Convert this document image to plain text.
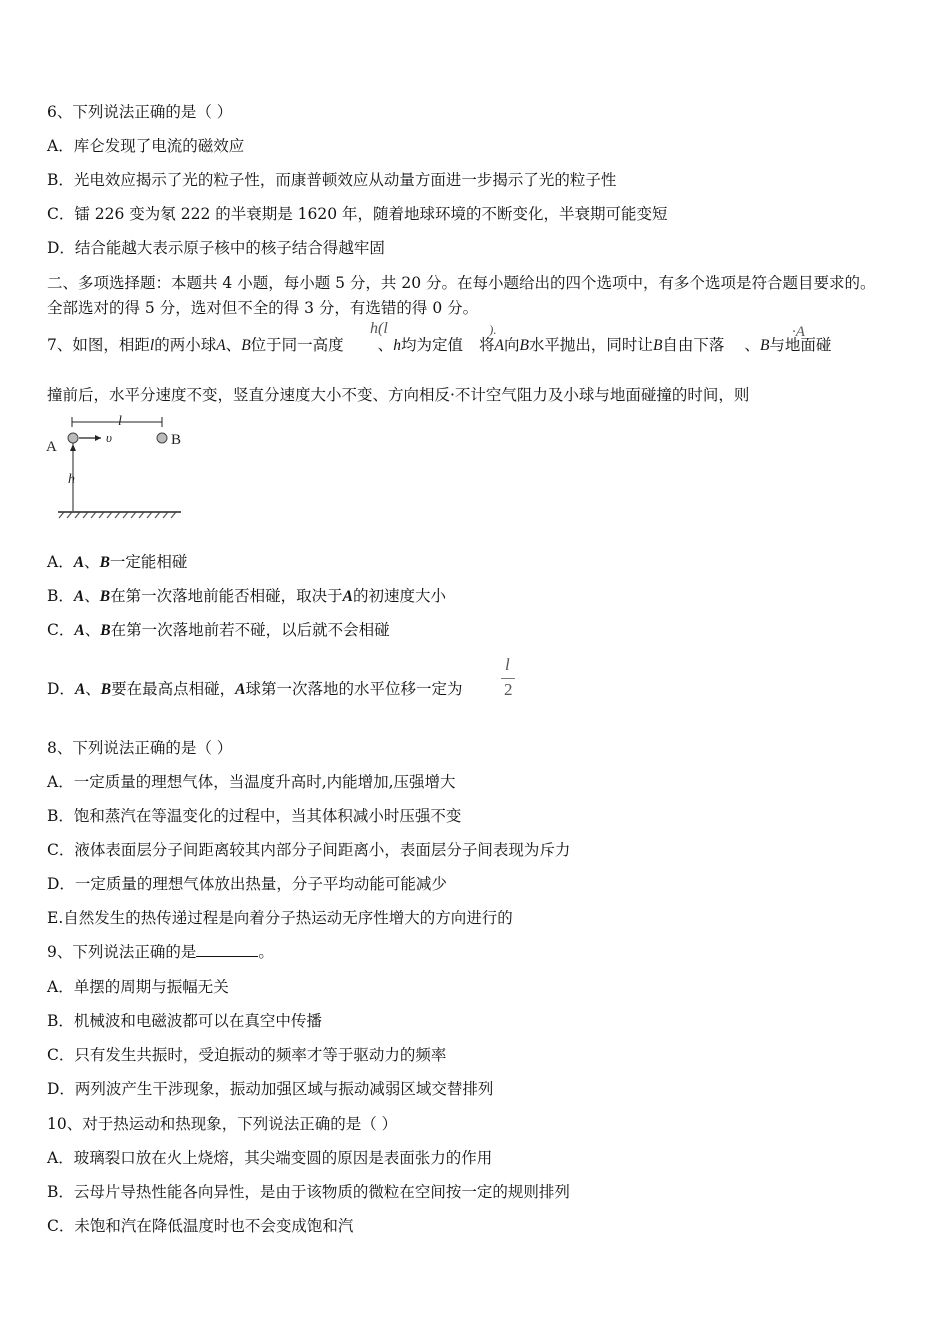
6、下列说法正确的是（ ）
A．库仑发现了电流的磁效应
B．光电效应揭示了光的粒子性，而康普顿效应从动量方面进一步揭示了光的粒子性
C．镭 226 变为氡 222 的半衰期是 1620 年，随着地球环境的不断变化，半衰期可能变短
D．结合能越大表示原子核中的核子结合得越牢固
二、多项选择题：本题共 4 小题，每小题 5 分，共 20 分。在每小题给出的四个选项中，有多个选项是符合题目要求的。
全部选对的得 5 分，选对但不全的得 3 分，有选错的得 0 分。
7、如图，相距l的两小球A、B位于同一高度 、h均为定值 将A向B水平抛出，同时让B自由下落 、B与地面碰
h(l	).	·A
撞前后，水平分速度不变，竖直分速度大小不变、方向相反·不计空气阻力及小球与地面碰撞的时间，则
A	B
l
υ
h
A．A、B一定能相碰
B．A、B在第一次落地前能否相碰，取决于A的初速度大小
C．A、B在第一次落地前若不碰，以后就不会相碰
D．A、B要在最高点相碰，A球第一次落地的水平位移一定为
l
2
8、下列说法正确的是（ ）
A．一定质量的理想气体，当温度升高时,内能增加,压强增大
B．饱和蒸汽在等温变化的过程中，当其体积减小时压强不变
C．液体表面层分子间距离较其内部分子间距离小，表面层分子间表现为斥力
D．一定质量的理想气体放出热量，分子平均动能可能减少
E.自然发生的热传递过程是向着分子热运动无序性增大的方向进行的
9、下列说法正确的是	。
A．单摆的周期与振幅无关
B．机械波和电磁波都可以在真空中传播
C．只有发生共振时，受迫振动的频率才等于驱动力的频率
D．两列波产生干涉现象，振动加强区域与振动减弱区域交替排列
10、对于热运动和热现象，下列说法正确的是（ ）
A．玻璃裂口放在火上烧熔，其尖端变圆的原因是表面张力的作用
B．云母片导热性能各向异性，是由于该物质的微粒在空间按一定的规则排列
C．未饱和汽在降低温度时也不会变成饱和汽
